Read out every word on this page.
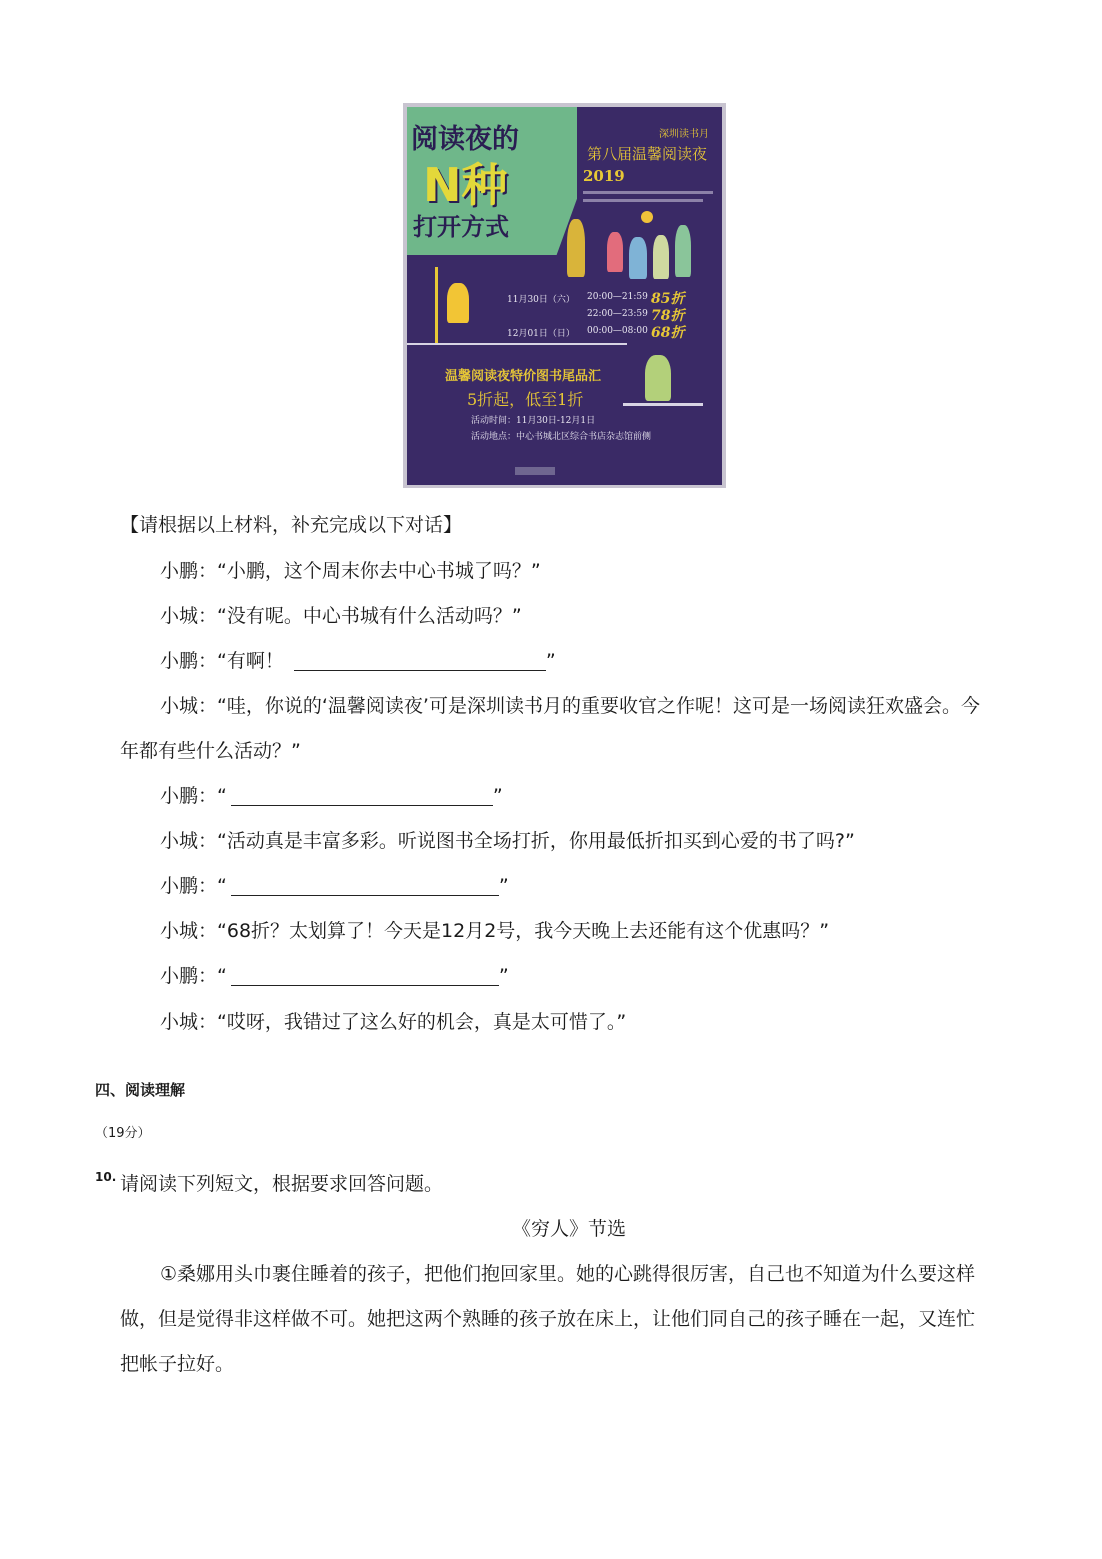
阅读夜的
N种
打开方式
深圳读书月
第八届温馨阅读夜
2019
11月30日（六） 20:00—21:59 85折
22:00—23:59 78折
12月01日（日） 00:00—08:00 68折
温馨阅读夜特价图书尾品汇
5折起，低至1折
活动时间：11月30日-12月1日
活动地点：中心书城北区综合书店杂志馆前侧
【请根据以上材料，补充完成以下对话】
小鹏：“小鹏，这个周末你去中心书城了吗？”
小城：“没有呢。中心书城有什么活动吗？”
小鹏：“有啊！	”
小城：“哇，你说的‘温馨阅读夜’可是深圳读书月的重要收官之作呢！这可是一场阅读狂欢盛会。今
年都有些什么活动？”
小鹏：“	”
小城：“活动真是丰富多彩。听说图书全场打折，你用最低折扣买到心爱的书了吗?”
小鹏：“	”
小城：“68折？太划算了！今天是12月2号，我今天晚上去还能有这个优惠吗？”
小鹏：“	”
小城：“哎呀，我错过了这么好的机会，真是太可惜了。”
四、阅读理解
（19分）
10. 请阅读下列短文，根据要求回答问题。
《穷人》节选
①桑娜用头巾裹住睡着的孩子，把他们抱回家里。她的心跳得很厉害，自己也不知道为什么要这样
做，但是觉得非这样做不可。她把这两个熟睡的孩子放在床上，让他们同自己的孩子睡在一起，又连忙
把帐子拉好。
